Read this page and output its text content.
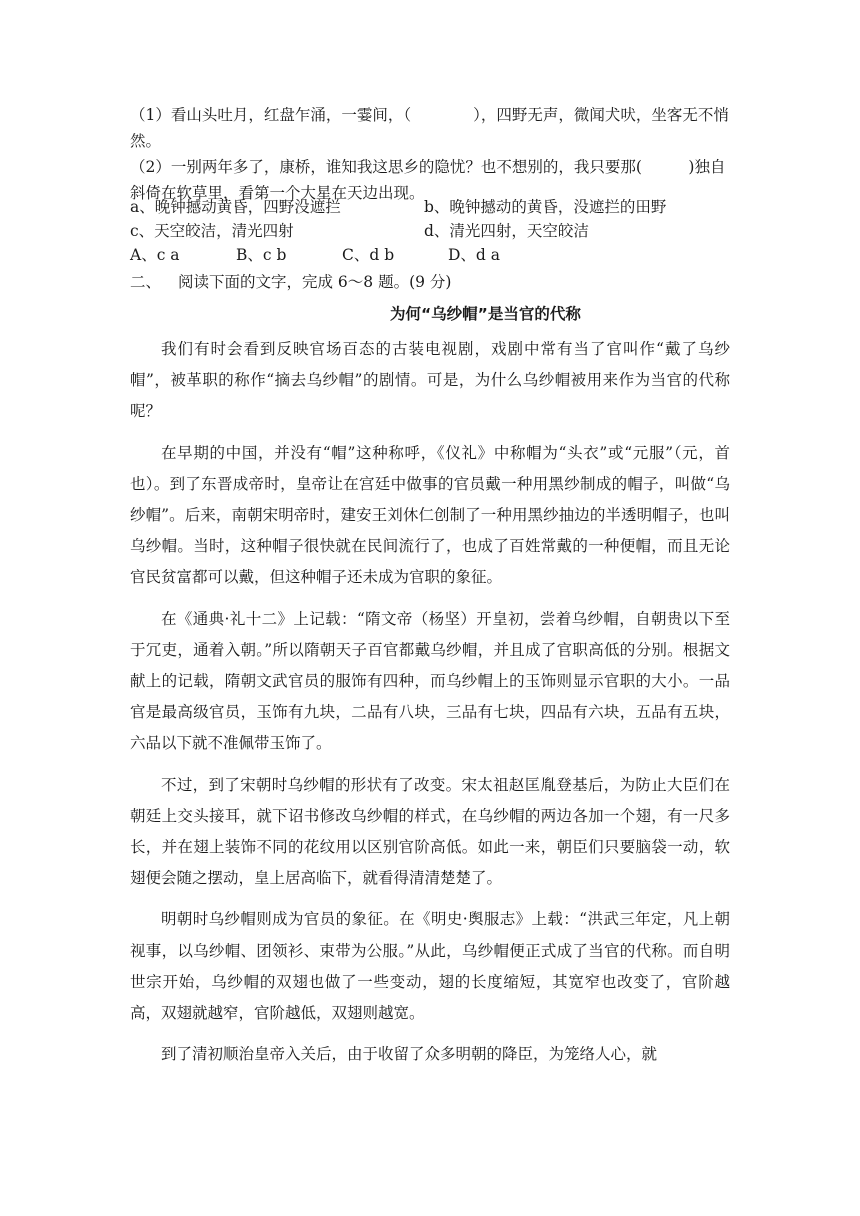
（1）看山头吐月，红盘乍涌，一霎间，（　　　　），四野无声，微闻犬吠，坐客无不悄然。

（2）一别两年多了，康桥，谁知我这思乡的隐忧？也不想别的，我只要那(　　　)独自斜倚在软草里，看第一个大星在天边出现。

a、晚钟撼动黄昏，四野没遮拦	b、晚钟撼动的黄昏，没遮拦的田野
c、天空皎洁，清光四射	d、清光四射，天空皎洁
A、c a	B、c b	C、d b	D、d a
二、 阅读下面的文字，完成 6～8 题。(9 分)
为何“乌纱帽”是当官的代称

我们有时会看到反映官场百态的古装电视剧，戏剧中常有当了官叫作“戴了乌纱帽”，被革职的称作“摘去乌纱帽”的剧情。可是，为什么乌纱帽被用来作为当官的代称呢？

在早期的中国，并没有“帽”这种称呼，《仪礼》中称帽为“头衣”或“元服”（元，首也）。到了东晋成帝时，皇帝让在宫廷中做事的官员戴一种用黑纱制成的帽子，叫做“乌纱帽”。后来，南朝宋明帝时，建安王刘休仁创制了一种用黑纱抽边的半透明帽子，也叫乌纱帽。当时，这种帽子很快就在民间流行了，也成了百姓常戴的一种便帽，而且无论官民贫富都可以戴，但这种帽子还未成为官职的象征。

在《通典·礼十二》上记载：“隋文帝（杨坚）开皇初，尝着乌纱帽，自朝贵以下至于冗吏，通着入朝。”所以隋朝天子百官都戴乌纱帽，并且成了官职高低的分别。根据文献上的记载，隋朝文武官员的服饰有四种，而乌纱帽上的玉饰则显示官职的大小。一品官是最高级官员，玉饰有九块，二品有八块，三品有七块，四品有六块，五品有五块，六品以下就不准佩带玉饰了。

不过，到了宋朝时乌纱帽的形状有了改变。宋太祖赵匡胤登基后，为防止大臣们在朝廷上交头接耳，就下诏书修改乌纱帽的样式，在乌纱帽的两边各加一个翅，有一尺多长，并在翅上装饰不同的花纹用以区别官阶高低。如此一来，朝臣们只要脑袋一动，软翅便会随之摆动，皇上居高临下，就看得清清楚楚了。

明朝时乌纱帽则成为官员的象征。在《明史·舆服志》上载：“洪武三年定，凡上朝视事，以乌纱帽、团领衫、束带为公服。”从此，乌纱帽便正式成了当官的代称。而自明世宗开始，乌纱帽的双翅也做了一些变动，翅的长度缩短，其宽窄也改变了，官阶越高，双翅就越窄，官阶越低，双翅则越宽。

到了清初顺治皇帝入关后，由于收留了众多明朝的降臣，为笼络人心，就
